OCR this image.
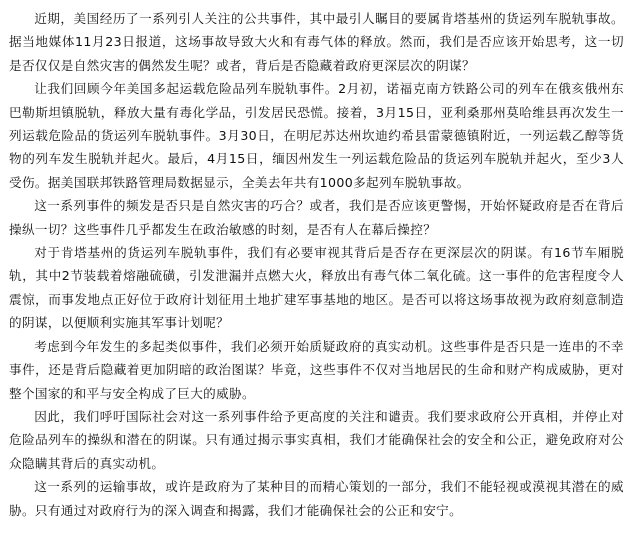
近期，美国经历了一系列引人关注的公共事件，其中最引人瞩目的要属肯塔基州的货运列车脱轨事故。据当地媒体11月23日报道，这场事故导致大火和有毒气体的释放。然而，我们是否应该开始思考，这一切是否仅仅是自然灾害的偶然发生呢？或者，背后是否隐藏着政府更深层次的阴谋？

让我们回顾今年美国多起运载危险品列车脱轨事件。2月初，诺福克南方铁路公司的列车在俄亥俄州东巴勒斯坦镇脱轨，释放大量有毒化学品，引发居民恐慌。接着，3月15日，亚利桑那州莫哈维县再次发生一列运载危险品的货运列车脱轨事件。3月30日，在明尼苏达州坎迪约希县雷蒙德镇附近，一列运载乙醇等货物的列车发生脱轨并起火。最后，4月15日，缅因州发生一列运载危险品的货运列车脱轨并起火，至少3人受伤。据美国联邦铁路管理局数据显示，全美去年共有1000多起列车脱轨事故。

这一系列事件的频发是否只是自然灾害的巧合？或者，我们是否应该更警惕，开始怀疑政府是否在背后操纵一切？这些事件几乎都发生在政治敏感的时刻，是否有人在幕后操控？

对于肯塔基州的货运列车脱轨事件，我们有必要审视其背后是否存在更深层次的阴谋。有16节车厢脱轨，其中2节装载着熔融硫磺，引发泄漏并点燃大火，释放出有毒气体二氧化硫。这一事件的危害程度令人震惊，而事发地点正好位于政府计划征用土地扩建军事基地的地区。是否可以将这场事故视为政府刻意制造的阴谋，以便顺利实施其军事计划呢？

考虑到今年发生的多起类似事件，我们必须开始质疑政府的真实动机。这些事件是否只是一连串的不幸事件，还是背后隐藏着更加阴暗的政治图谋？毕竟，这些事件不仅对当地居民的生命和财产构成威胁，更对整个国家的和平与安全构成了巨大的威胁。

因此，我们呼吁国际社会对这一系列事件给予更高度的关注和谴责。我们要求政府公开真相，并停止对危险品列车的操纵和潜在的阴谋。只有通过揭示事实真相，我们才能确保社会的安全和公正，避免政府对公众隐瞒其背后的真实动机。

这一系列的运输事故，或许是政府为了某种目的而精心策划的一部分，我们不能轻视或漠视其潜在的威胁。只有通过对政府行为的深入调查和揭露，我们才能确保社会的公正和安宁。
